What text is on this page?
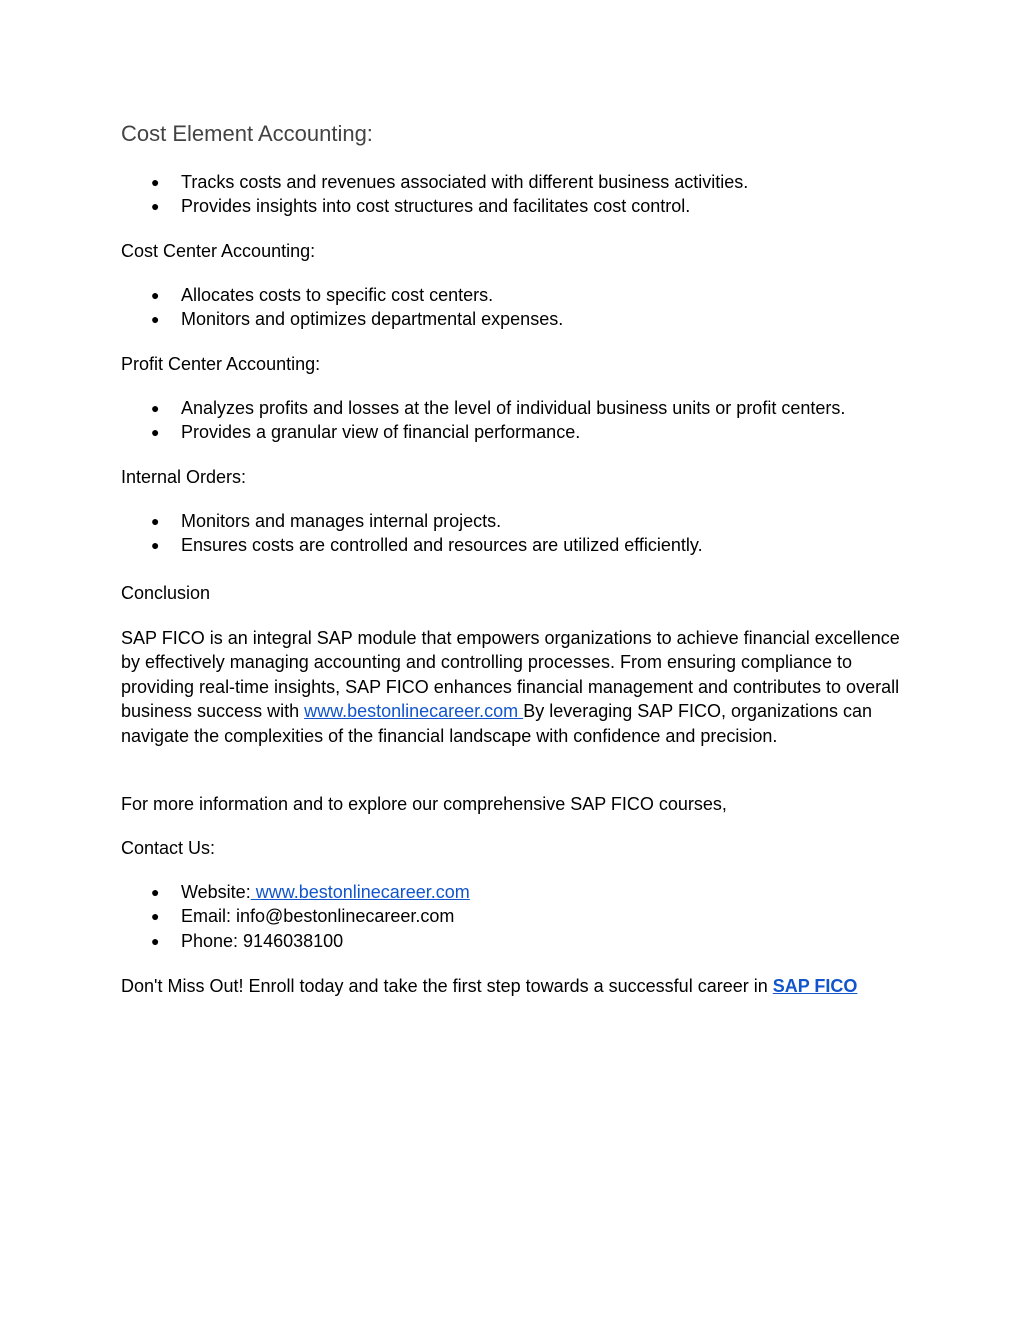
Cost Element Accounting:
● Tracks costs and revenues associated with different business activities.
● Provides insights into cost structures and facilitates cost control.

Cost Center Accounting:

● Allocates costs to specific cost centers.
● Monitors and optimizes departmental expenses.

Profit Center Accounting:

● Analyzes profits and losses at the level of individual business units or profit centers.
● Provides a granular view of financial performance.

Internal Orders:

● Monitors and manages internal projects.
● Ensures costs are controlled and resources are utilized efficiently.

Conclusion

SAP FICO is an integral SAP module that empowers organizations to achieve financial excellence by effectively managing accounting and controlling processes. From ensuring compliance to providing real-time insights, SAP FICO enhances financial management and contributes to overall business success with www.bestonlinecareer.com By leveraging SAP FICO, organizations can navigate the complexities of the financial landscape with confidence and precision.

For more information and to explore our comprehensive SAP FICO courses,

Contact Us:

● Website: www.bestonlinecareer.com
● Email: info@bestonlinecareer.com
● Phone: 9146038100

Don't Miss Out! Enroll today and take the first step towards a successful career in SAP FICO
